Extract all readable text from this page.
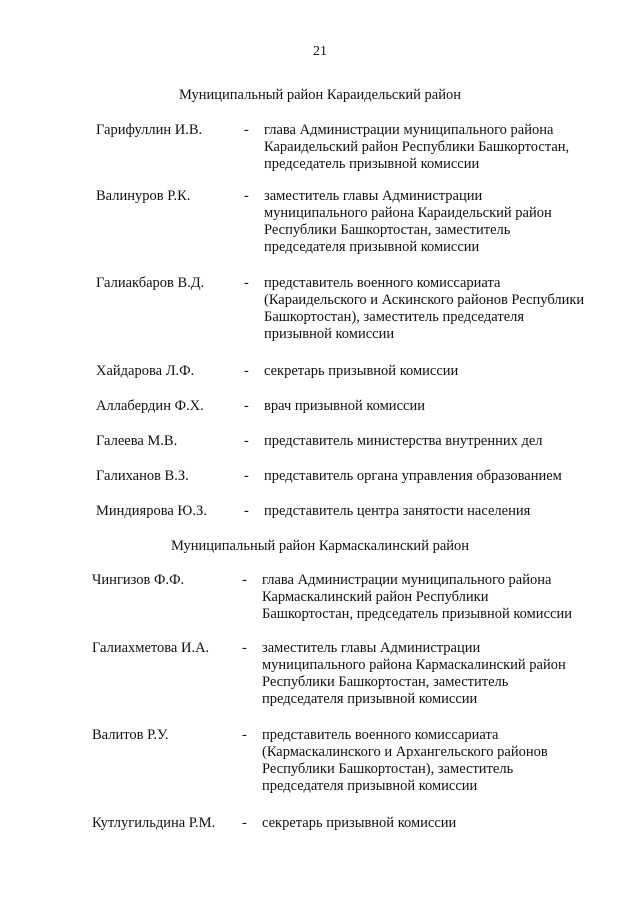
21
Муниципальный район Караидельский район
Муниципальный район Кармаскалинский район
Гарифуллин И.В.	- глава Администрации муниципального района
Караидельский район Республики Башкортостан,
председатель призывной комиссии
Валинуров Р.К.	- заместитель главы Администрации
муниципального района Караидельский район
Республики Башкортостан, заместитель
председателя призывной комиссии
Галиакбаров В.Д.	- представитель военного комиссариата
(Караидельского и Аскинского районов Республики
Башкортостан), заместитель председателя
призывной комиссии
Хайдарова Л.Ф.	- секретарь призывной комиссии
Аллабердин Ф.Х.	- врач призывной комиссии
Галеева М.В.	- представитель министерства внутренних дел
Галиханов В.З.	- представитель органа управления образованием
Миндиярова Ю.З.	- представитель центра занятости населения
Чингизов Ф.Ф.	- глава Администрации муниципального района
Кармаскалинский район Республики
Башкортостан, председатель призывной комиссии
Галиахметова И.А. - заместитель главы Администрации
муниципального района Кармаскалинский район
Республики Башкортостан, заместитель
председателя призывной комиссии
Валитов Р.У.	- представитель военного комиссариата
(Кармаскалинского и Архангельского районов
Республики Башкортостан), заместитель
председателя призывной комиссии
Кутлугильдина Р.М. - секретарь призывной комиссии
